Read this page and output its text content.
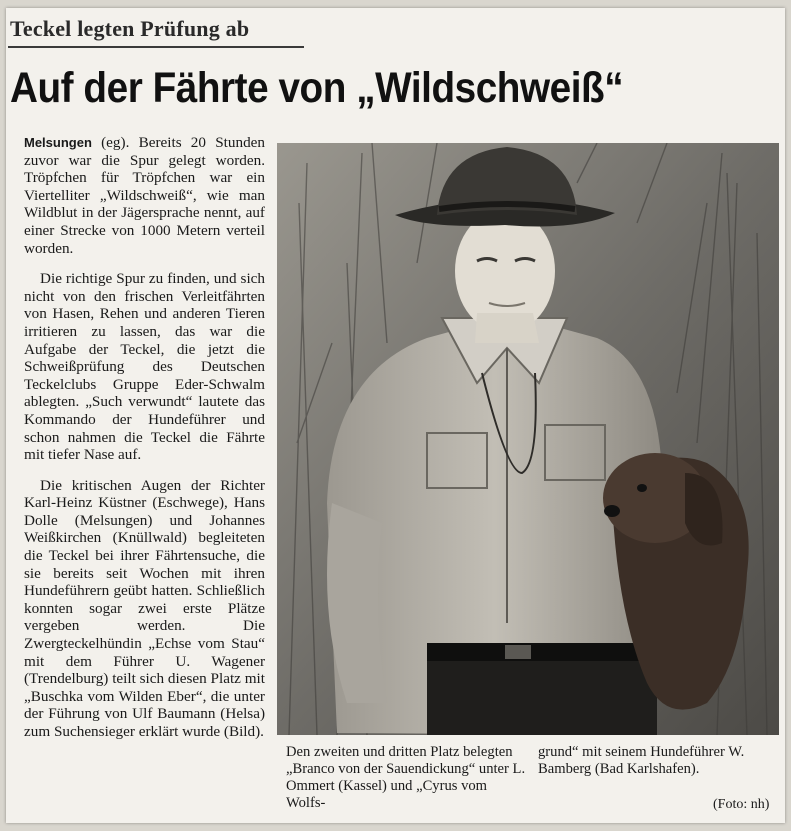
Teckel legten Prüfung ab
Auf der Fährte von „Wildschweiß“

Melsungen (eg). Bereits 20 Stunden zuvor war die Spur gelegt worden. Tröpfchen für Tröpfchen war ein Viertelliter „Wildschweiß“, wie man Wildblut in der Jägersprache nennt, auf einer Strecke von 1000 Metern verteil worden.

Die richtige Spur zu finden, und sich nicht von den frischen Verleitfährten von Hasen, Rehen und anderen Tieren irritieren zu lassen, das war die Aufgabe der Teckel, die jetzt die Schweißprüfung des Deutschen Teckelclubs Gruppe Eder-Schwalm ablegten. „Such verwundt“ lautete das Kommando der Hundeführer und schon nahmen die Teckel die Fährte mit tiefer Nase auf.

Die kritischen Augen der Richter Karl-Heinz Küstner (Eschwege), Hans Dolle (Melsungen) und Johannes Weißkirchen (Knüllwald) begleiteten die Teckel bei ihrer Fährtensuche, die sie bereits seit Wochen mit ihren Hundeführern geübt hatten. Schließlich konnten sogar zwei erste Plätze vergeben werden. Die Zwergteckelhündin „Echse vom Stau“ mit dem Führer U. Wagener (Trendelburg) teilt sich diesen Platz mit „Buschka vom Wilden Eber“, die unter der Führung von Ulf Baumann (Helsa) zum Suchensieger erklärt wurde (Bild).

Den zweiten und dritten Platz belegten „Branco von der Sauendickung“ unter L. Ommert (Kassel) und „Cyrus vom Wolfs-
grund“ mit seinem Hundeführer W. Bamberg (Bad Karlshafen).
(Foto: nh)
